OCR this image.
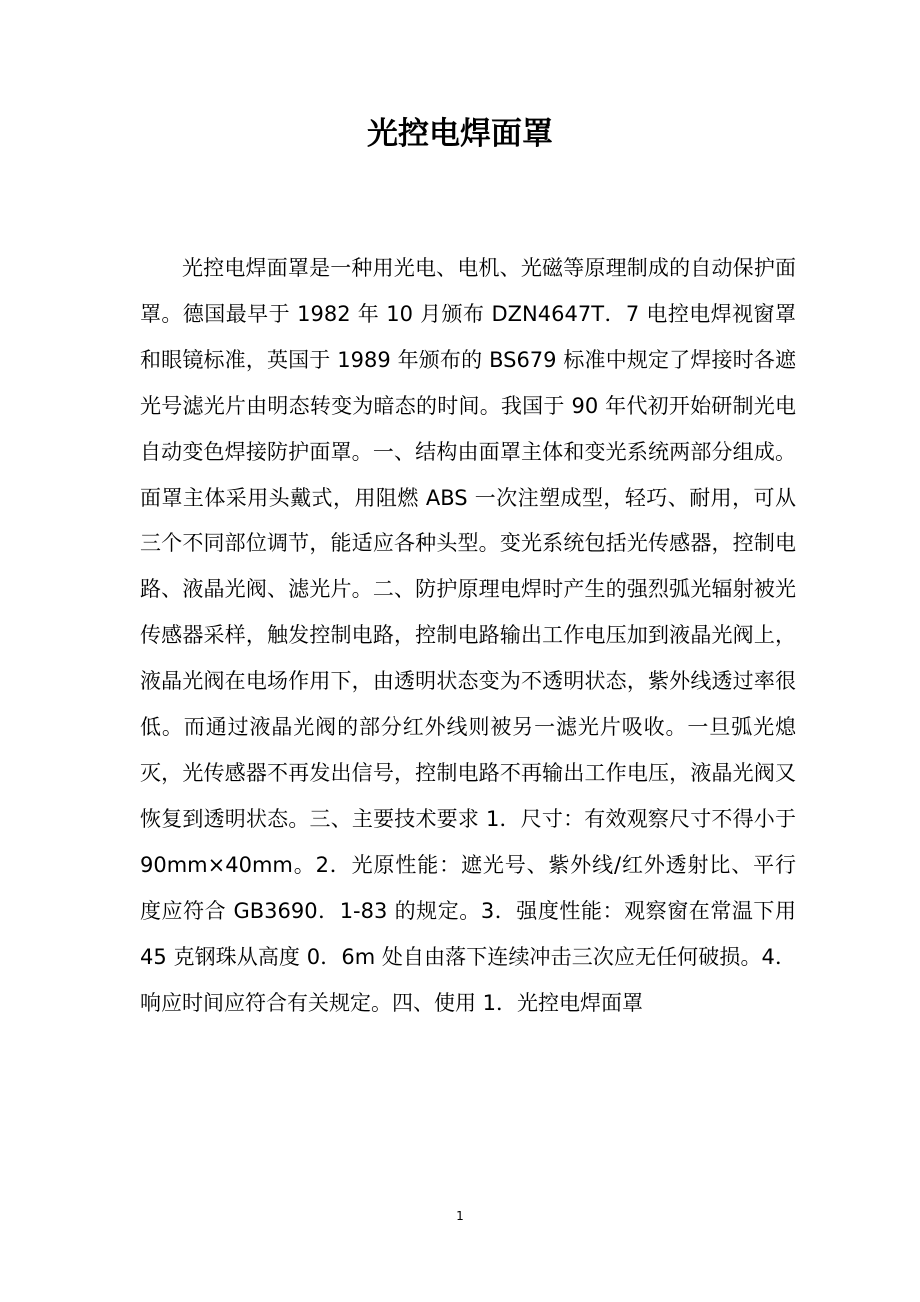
光控电焊面罩

光控电焊面罩是一种用光电、电机、光磁等原理制成的自动保护面罩。德国最早于 1982 年 10 月颁布 DZN4647T．7 电控电焊视窗罩和眼镜标准，英国于 1989 年颁布的 BS679 标准中规定了焊接时各遮光号滤光片由明态转变为暗态的时间。我国于 90 年代初开始研制光电自动变色焊接防护面罩。一、结构由面罩主体和变光系统两部分组成。面罩主体采用头戴式，用阻燃 ABS 一次注塑成型，轻巧、耐用，可从三个不同部位调节，能适应各种头型。变光系统包括光传感器，控制电路、液晶光阀、滤光片。二、防护原理电焊时产生的强烈弧光辐射被光传感器采样，触发控制电路，控制电路输出工作电压加到液晶光阀上，液晶光阀在电场作用下，由透明状态变为不透明状态，紫外线透过率很低。而通过液晶光阀的部分红外线则被另一滤光片吸收。一旦弧光熄灭，光传感器不再发出信号，控制电路不再输出工作电压，液晶光阀又恢复到透明状态。三、主要技术要求 1．尺寸：有效观察尺寸不得小于 90mm×40mm。2．光原性能：遮光号、紫外线/红外透射比、平行度应符合 GB3690．1-83 的规定。3．强度性能：观察窗在常温下用 45 克钢珠从高度 0．6m 处自由落下连续冲击三次应无任何破损。4．响应时间应符合有关规定。四、使用 1．光控电焊面罩

1
